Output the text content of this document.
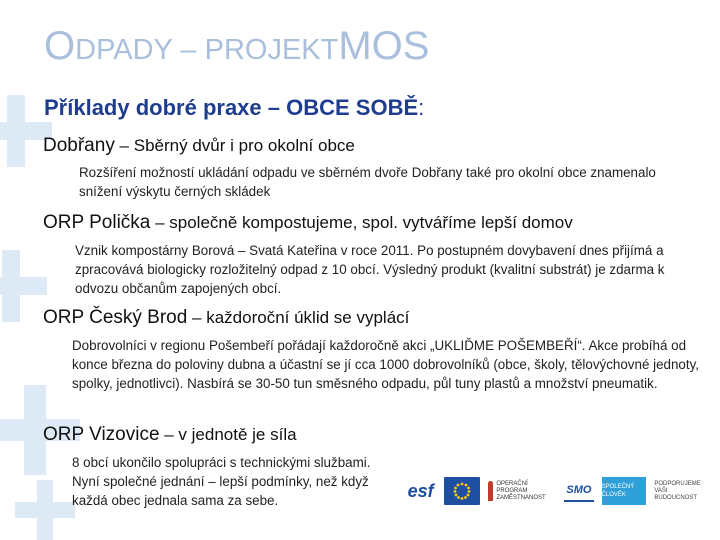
ODPADY – PROJEKTMOS
Příklady dobré praxe – OBCE SOBĚ:
Dobřany – Sběrný dvůr i pro okolní obce
Rozšíření možností ukládání odpadu ve sběrném dvoře Dobřany také pro okolní obce znamenalo snížení výskytu černých skládek
ORP Polička – společně kompostujeme, spol. vytváříme lepší domov
Vznik kompostárny Borová – Svatá Kateřina v roce 2011. Po postupném dovybavení dnes přijímá a zpracovává biologicky rozložitelný odpad z 10 obcí. Výsledný produkt (kvalitní substrát) je zdarma k odvozu občanům zapojených obcí.
ORP Český Brod – každoroční úklid se vyplácí
Dobrovolníci v regionu Pošembeří pořádají každoročně akci „UKLIĎME POŠEMBEŘÍ“. Akce probíhá od konce března do poloviny dubna a účastní se jí cca 1000 dobrovolníků (obce, školy, tělovýchovné jednoty, spolky, jednotlivci). Nasbírá se 30-50 tun směsného odpadu, půl tuny plastů a množství pneumatik.
ORP Vizovice – v jednotě je síla
8 obcí ukončilo spolupráci s technickými službami. Nyní společné jednání – lepší podmínky, než když každá obec jednala sama za sebe.	esf	OPERAČNÍ PROGRAM ZAMĚSTNANOST
SMO	SPOLEČNÝ ČLOVĚK
PODPORUJEME VAŠI BUDOUCNOST
